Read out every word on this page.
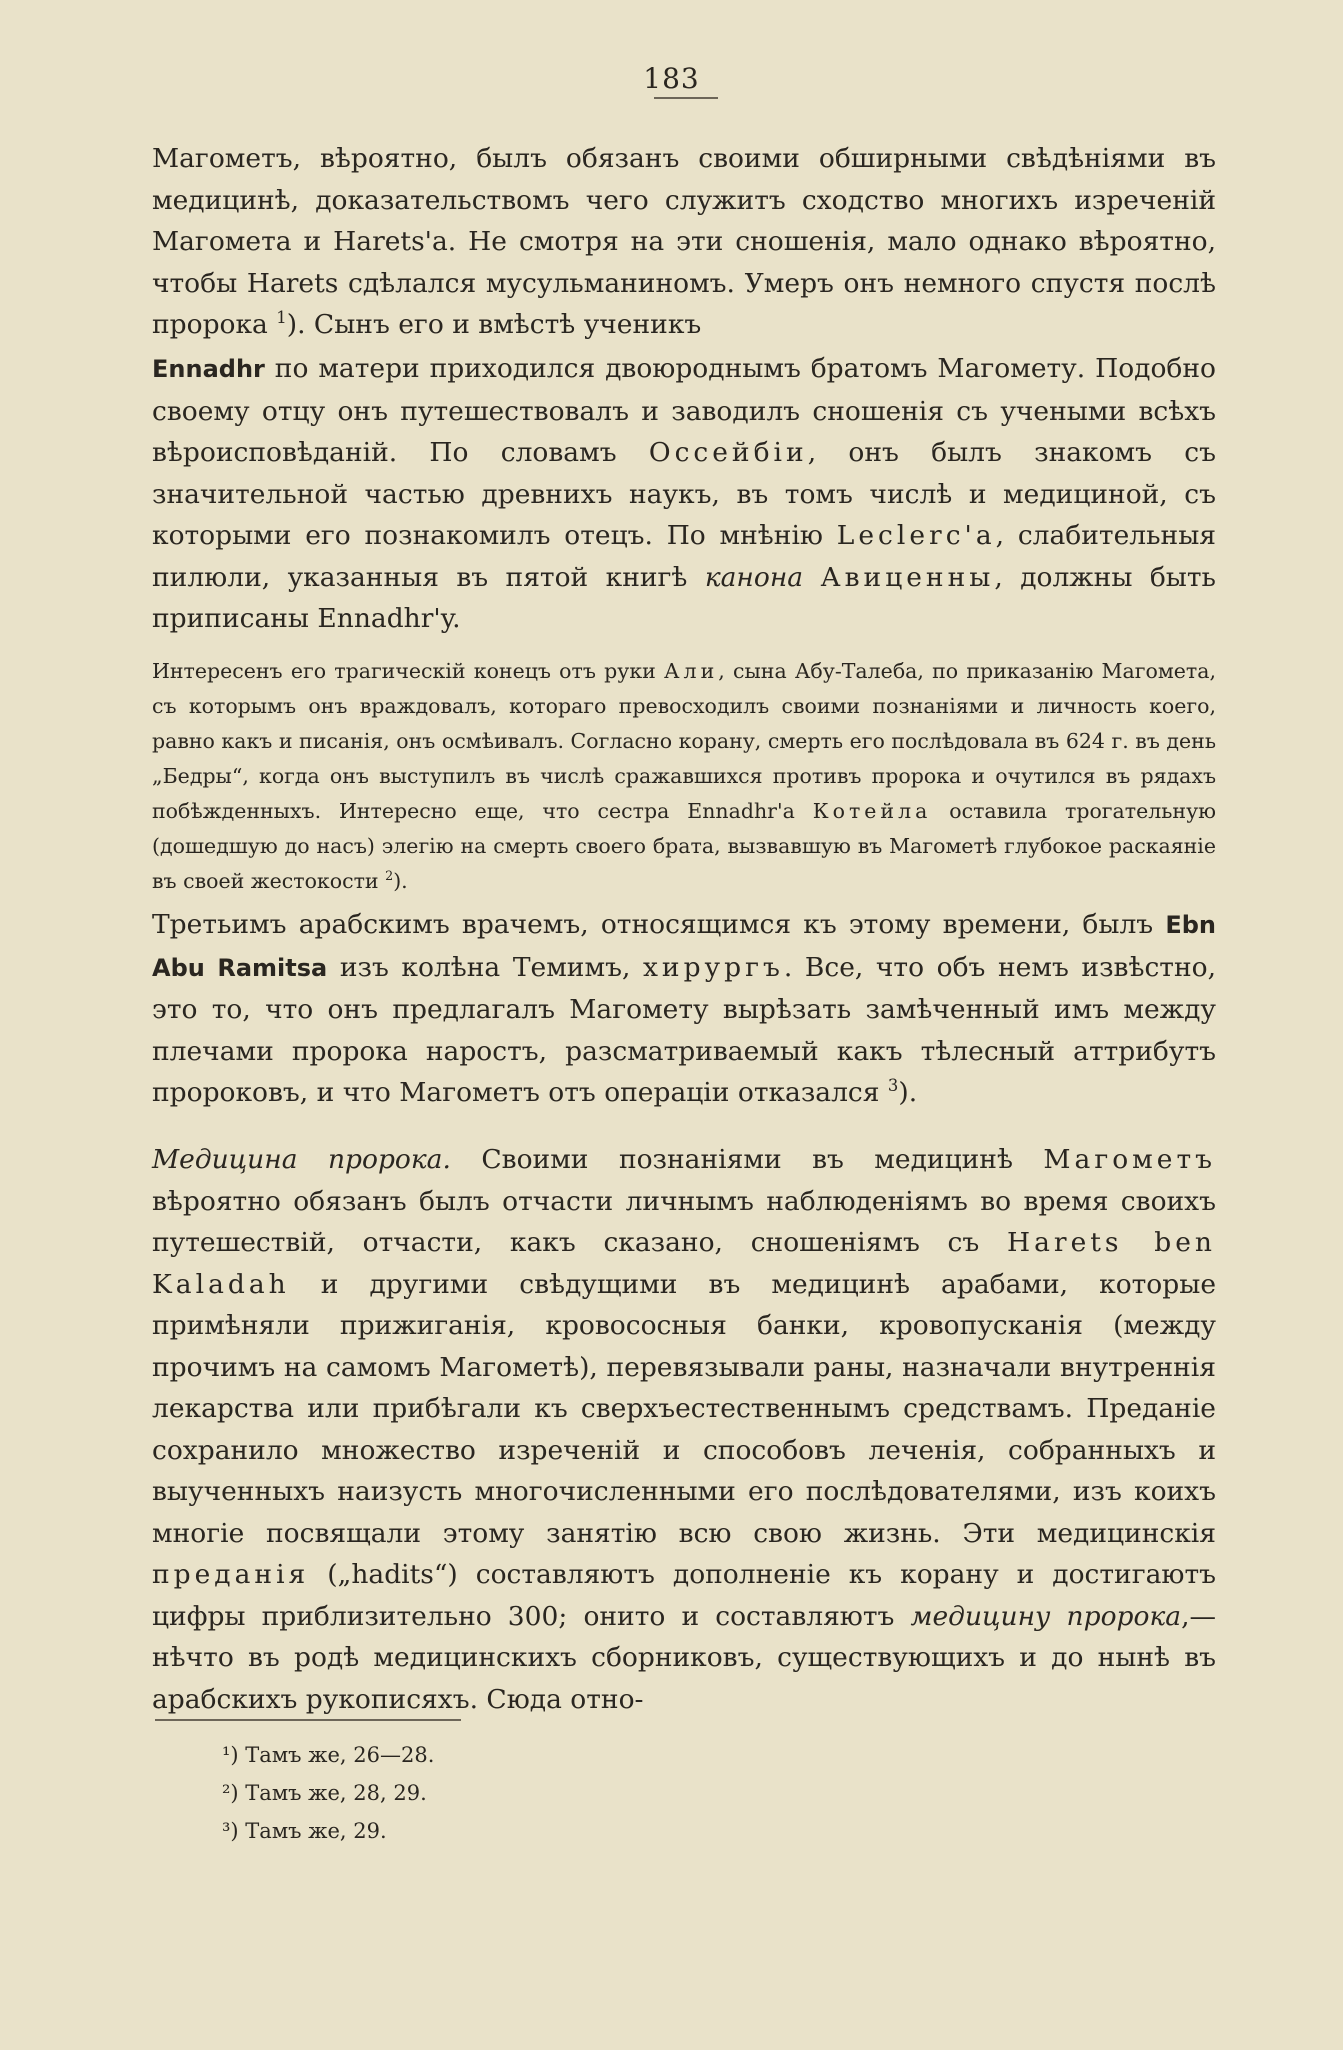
183

Магометъ, вѣроятно, былъ обязанъ своими обширными свѣдѣніями въ медицинѣ, доказательствомъ чего служитъ сходство многихъ изреченій Магомета и Harets'a. Не смотря на эти сношенія, мало однако вѣроятно, чтобы Harets сдѣлался мусульманиномъ. Умеръ онъ немного спустя послѣ пророка $^1$). Сынъ его и вмѣстѣ ученикъ

Ennadhr по матери приходился двоюроднымъ братомъ Магомету. Подобно своему отцу онъ путешествовалъ и заводилъ сношенія съ учеными всѣхъ вѣроисповѣданій. По словамъ Оссейбіи, онъ былъ знакомъ съ значительной частью древнихъ наукъ, въ томъ числѣ и медициной, съ которыми его познакомилъ отецъ. По мнѣнію Leclerc'a, слабительныя пилюли, указанныя въ пятой книгѣ канона Авиценны, должны быть приписаны Ennadhr'y.

Интересенъ его трагическій конецъ отъ руки Али, сына Абу-Талеба, по приказанію Магомета, съ которымъ онъ враждовалъ, котораго превосходилъ своими познаніями и личность коего, равно какъ и писанія, онъ осмѣивалъ. Согласно корану, смерть его послѣдовала въ 624 г. въ день „Бедры“, когда онъ выступилъ въ числѣ сражавшихся противъ пророка и очутился въ рядахъ побѣжденныхъ. Интересно еще, что сестра Ennadhr'a Котейла оставила трогательную (дошедшую до насъ) элегію на смерть своего брата, вызвавшую въ Магометѣ глубокое раскаяніе въ своей жестокости $^2$).

Третьимъ арабскимъ врачемъ, относящимся къ этому времени, былъ Ebn Abu Ramitsa изъ колѣна Темимъ, хирургъ. Все, что объ немъ извѣстно, это то, что онъ предлагалъ Магомету вырѣзать замѣченный имъ между плечами пророка наростъ, разсматриваемый какъ тѣлесный аттрибутъ пророковъ, и что Магометъ отъ операціи отказался $^3$).

Медицина пророка. Своими познаніями въ медицинѣ Магометъ вѣроятно обязанъ былъ отчасти личнымъ наблюденіямъ во время своихъ путешествій, отчасти, какъ сказано, сношеніямъ съ Harets ben Kaladah и другими свѣдущими въ медицинѣ арабами, которые примѣняли прижиганія, кровососныя банки, кровопусканія (между прочимъ на самомъ Магометѣ), перевязывали раны, назначали внутреннія лекарства или прибѣгали къ сверхъестественнымъ средствамъ. Преданіе сохранило множество изреченій и способовъ леченія, собранныхъ и выученныхъ наизусть многочисленными его послѣдователями, изъ коихъ многіе посвящали этому занятію всю свою жизнь. Эти медицинскія преданія („hadits“) составляютъ дополненіе къ корану и достигаютъ цифры приблизительно 300; онито и составляютъ медицину пророка,—нѣчто въ родѣ медицинскихъ сборниковъ, существующихъ и до нынѣ въ арабскихъ рукописяхъ. Сюда отно-

¹) Тамъ же, 26—28.
²) Тамъ же, 28, 29.
³) Тамъ же, 29.
